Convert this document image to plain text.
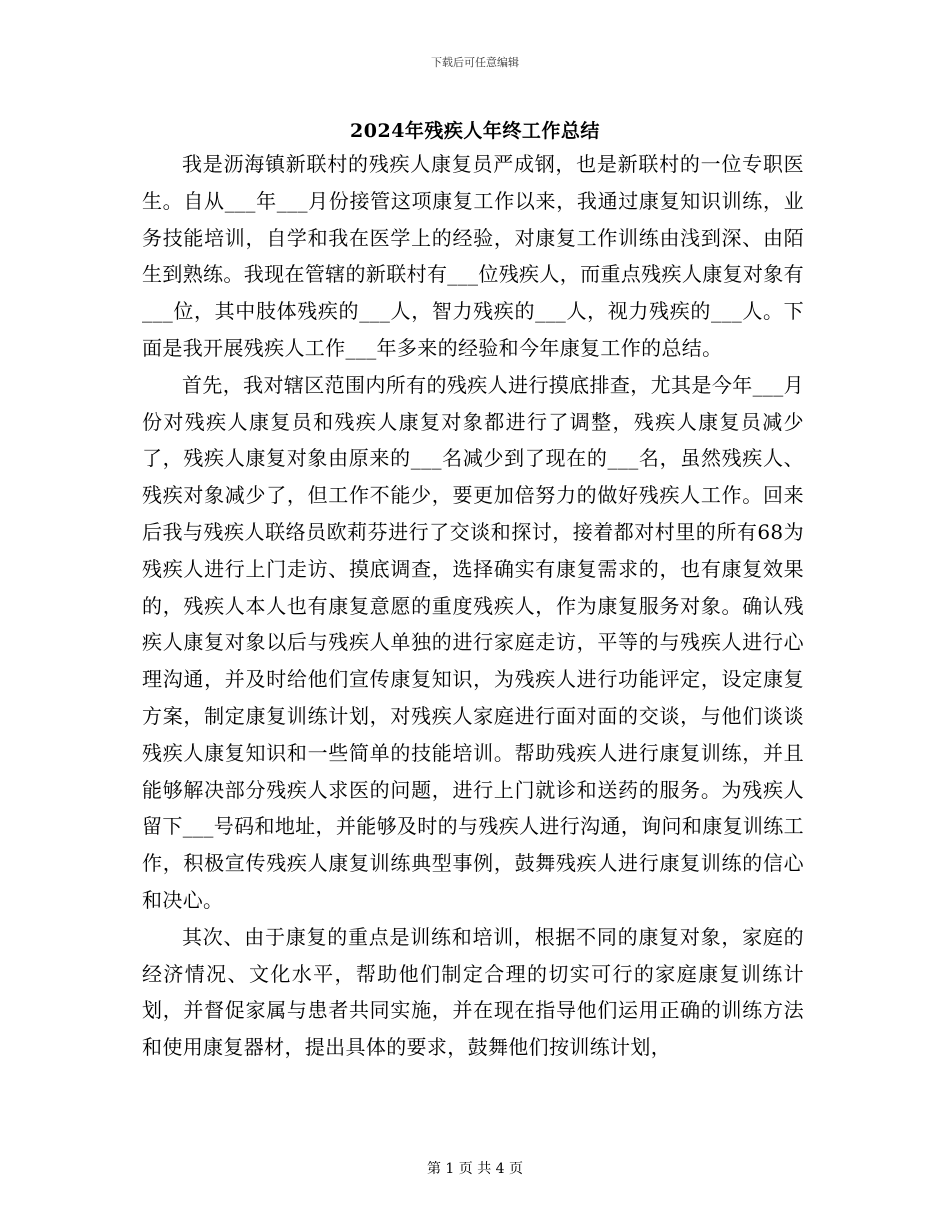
下载后可任意编辑
2024年残疾人年终工作总结

我是沥海镇新联村的残疾人康复员严成钢，也是新联村的一位专职医生。自从___年___月份接管这项康复工作以来，我通过康复知识训练，业务技能培训，自学和我在医学上的经验，对康复工作训练由浅到深、由陌生到熟练。我现在管辖的新联村有___位残疾人，而重点残疾人康复对象有___位，其中肢体残疾的___人，智力残疾的___人，视力残疾的___人。下面是我开展残疾人工作___年多来的经验和今年康复工作的总结。

首先，我对辖区范围内所有的残疾人进行摸底排查，尤其是今年___月份对残疾人康复员和残疾人康复对象都进行了调整，残疾人康复员减少了，残疾人康复对象由原来的___名减少到了现在的___名，虽然残疾人、残疾对象减少了，但工作不能少，要更加倍努力的做好残疾人工作。回来后我与残疾人联络员欧莉芬进行了交谈和探讨，接着都对村里的所有68为残疾人进行上门走访、摸底调查，选择确实有康复需求的，也有康复效果的，残疾人本人也有康复意愿的重度残疾人，作为康复服务对象。确认残疾人康复对象以后与残疾人单独的进行家庭走访，平等的与残疾人进行心理沟通，并及时给他们宣传康复知识，为残疾人进行功能评定，设定康复方案，制定康复训练计划，对残疾人家庭进行面对面的交谈，与他们谈谈残疾人康复知识和一些简单的技能培训。帮助残疾人进行康复训练，并且能够解决部分残疾人求医的问题，进行上门就诊和送药的服务。为残疾人留下___号码和地址，并能够及时的与残疾人进行沟通，询问和康复训练工作，积极宣传残疾人康复训练典型事例，鼓舞残疾人进行康复训练的信心和决心。

其次、由于康复的重点是训练和培训，根据不同的康复对象，家庭的经济情况、文化水平，帮助他们制定合理的切实可行的家庭康复训练计划，并督促家属与患者共同实施，并在现在指导他们运用正确的训练方法和使用康复器材，提出具体的要求，鼓舞他们按训练计划，

第 1 页 共 4 页
